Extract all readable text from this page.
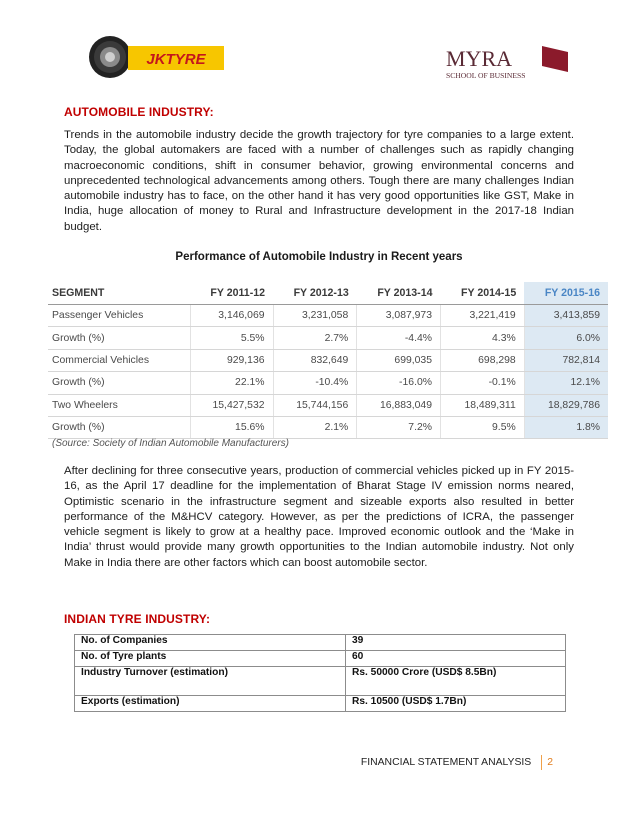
JKTYRE	MYRA
SCHOOL OF BUSINESS
AUTOMOBILE INDUSTRY:

Trends in the automobile industry decide the growth trajectory for tyre companies to a large extent. Today, the global automakers are faced with a number of challenges such as rapidly changing macroeconomic conditions, shift in consumer behavior, growing environmental concerns and unprecedented technological advancements among others. Tough there are many challenges Indian automobile industry has to face, on the other hand it has very good opportunities like GST, Make in India, huge allocation of money to Rural and Infrastructure development in the 2017-18 Indian budget.

Performance of Automobile Industry in Recent years

SEGMENT	FY 2011-12	FY 2012-13	FY 2013-14	FY 2014-15	FY 2015-16
Passenger Vehicles	3,146,069	3,231,058	3,087,973	3,221,419	3,413,859
Growth (%)	5.5%	2.7%	-4.4%	4.3%	6.0%
Commercial Vehicles	929,136	832,649	699,035	698,298	782,814
Growth (%)	22.1%	-10.4%	-16.0%	-0.1%	12.1%
Two Wheelers	15,427,532	15,744,156	16,883,049	18,489,311	18,829,786
Growth (%)	15.6%	2.1%	7.2%	9.5%	1.8%
(Source: Society of Indian Automobile Manufacturers)

After declining for three consecutive years, production of commercial vehicles picked up in FY 2015-16, as the April 17 deadline for the implementation of Bharat Stage IV emission norms neared, Optimistic scenario in the infrastructure segment and sizeable exports also resulted in better performance of the M&HCV category. However, as per the predictions of ICRA, the passenger vehicle segment is likely to grow at a healthy pace. Improved economic outlook and the ‘Make in India’ thrust would provide many growth opportunities to the Indian automobile industry. Not only Make in India there are other factors which can boost automobile sector.

INDIAN TYRE INDUSTRY:
No. of Companies	39
No. of Tyre plants	60
Industry Turnover (estimation)	Rs. 50000 Crore (USD$ 8.5Bn)
Exports (estimation)	Rs. 10500 (USD$ 1.7Bn)
FINANCIAL STATEMENT ANALYSIS	2
